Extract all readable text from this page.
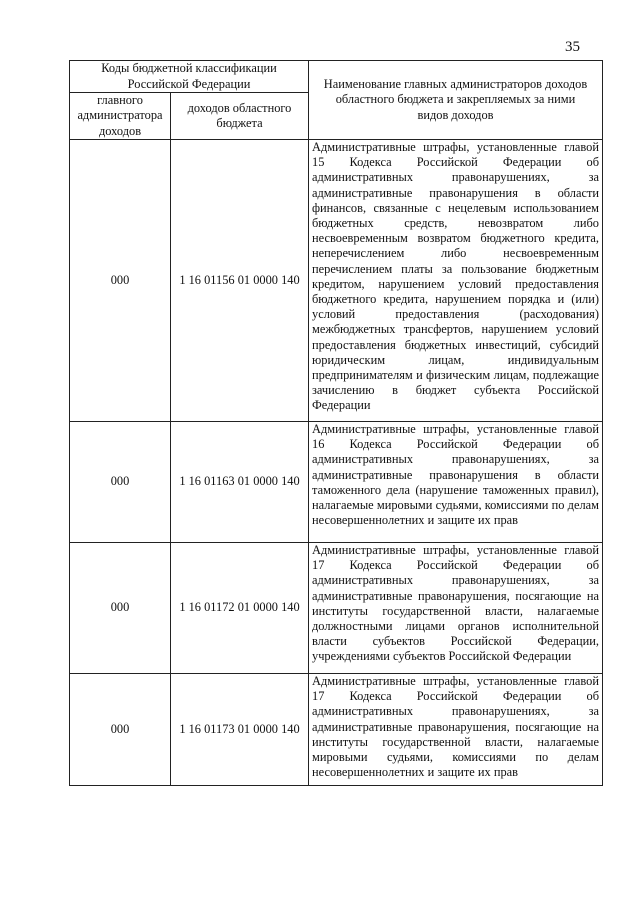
35
Коды бюджетной классификации Российской Федерации		Наименование главных администраторов доходов областного бюджета и закрепляемых за ними видов доходов
главного администратора доходов	доходов областного бюджета	
000	1 16 01156 01 0000 140	Административные штрафы, установленные главой 15 Кодекса Российской Федерации об административных правонарушениях, за административные правонарушения в области финансов, связанные с нецелевым использованием бюджетных средств, невозвратом либо несвоевременным возвратом бюджетного кредита, неперечислением либо несвоевременным перечислением платы за пользование бюджетным кредитом, нарушением условий предоставления бюджетного кредита, нарушением порядка и (или) условий предоставления (расходования) межбюджетных трансфертов, нарушением условий предоставления бюджетных инвестиций, субсидий юридическим лицам, индивидуальным предпринимателям и физическим лицам, подлежащие зачислению в бюджет субъекта Российской Федерации

000	1 16 01163 01 0000 140	Административные штрафы, установленные главой 16 Кодекса Российской Федерации об административных правонарушениях, за административные правонарушения в области таможенного дела (нарушение таможенных правил), налагаемые мировыми судьями, комиссиями по делам несовершеннолетних и защите их прав

000	1 16 01172 01 0000 140	Административные штрафы, установленные главой 17 Кодекса Российской Федерации об административных правонарушениях, за административные правонарушения, посягающие на институты государственной власти, налагаемые должностными лицами органов исполнительной власти субъектов Российской Федерации, учреждениями субъектов Российской Федерации

000	1 16 01173 01 0000 140	Административные штрафы, установленные главой 17 Кодекса Российской Федерации об административных правонарушениях, за административные правонарушения, посягающие на институты государственной власти, налагаемые мировыми судьями, комиссиями по делам несовершеннолетних и защите их прав
